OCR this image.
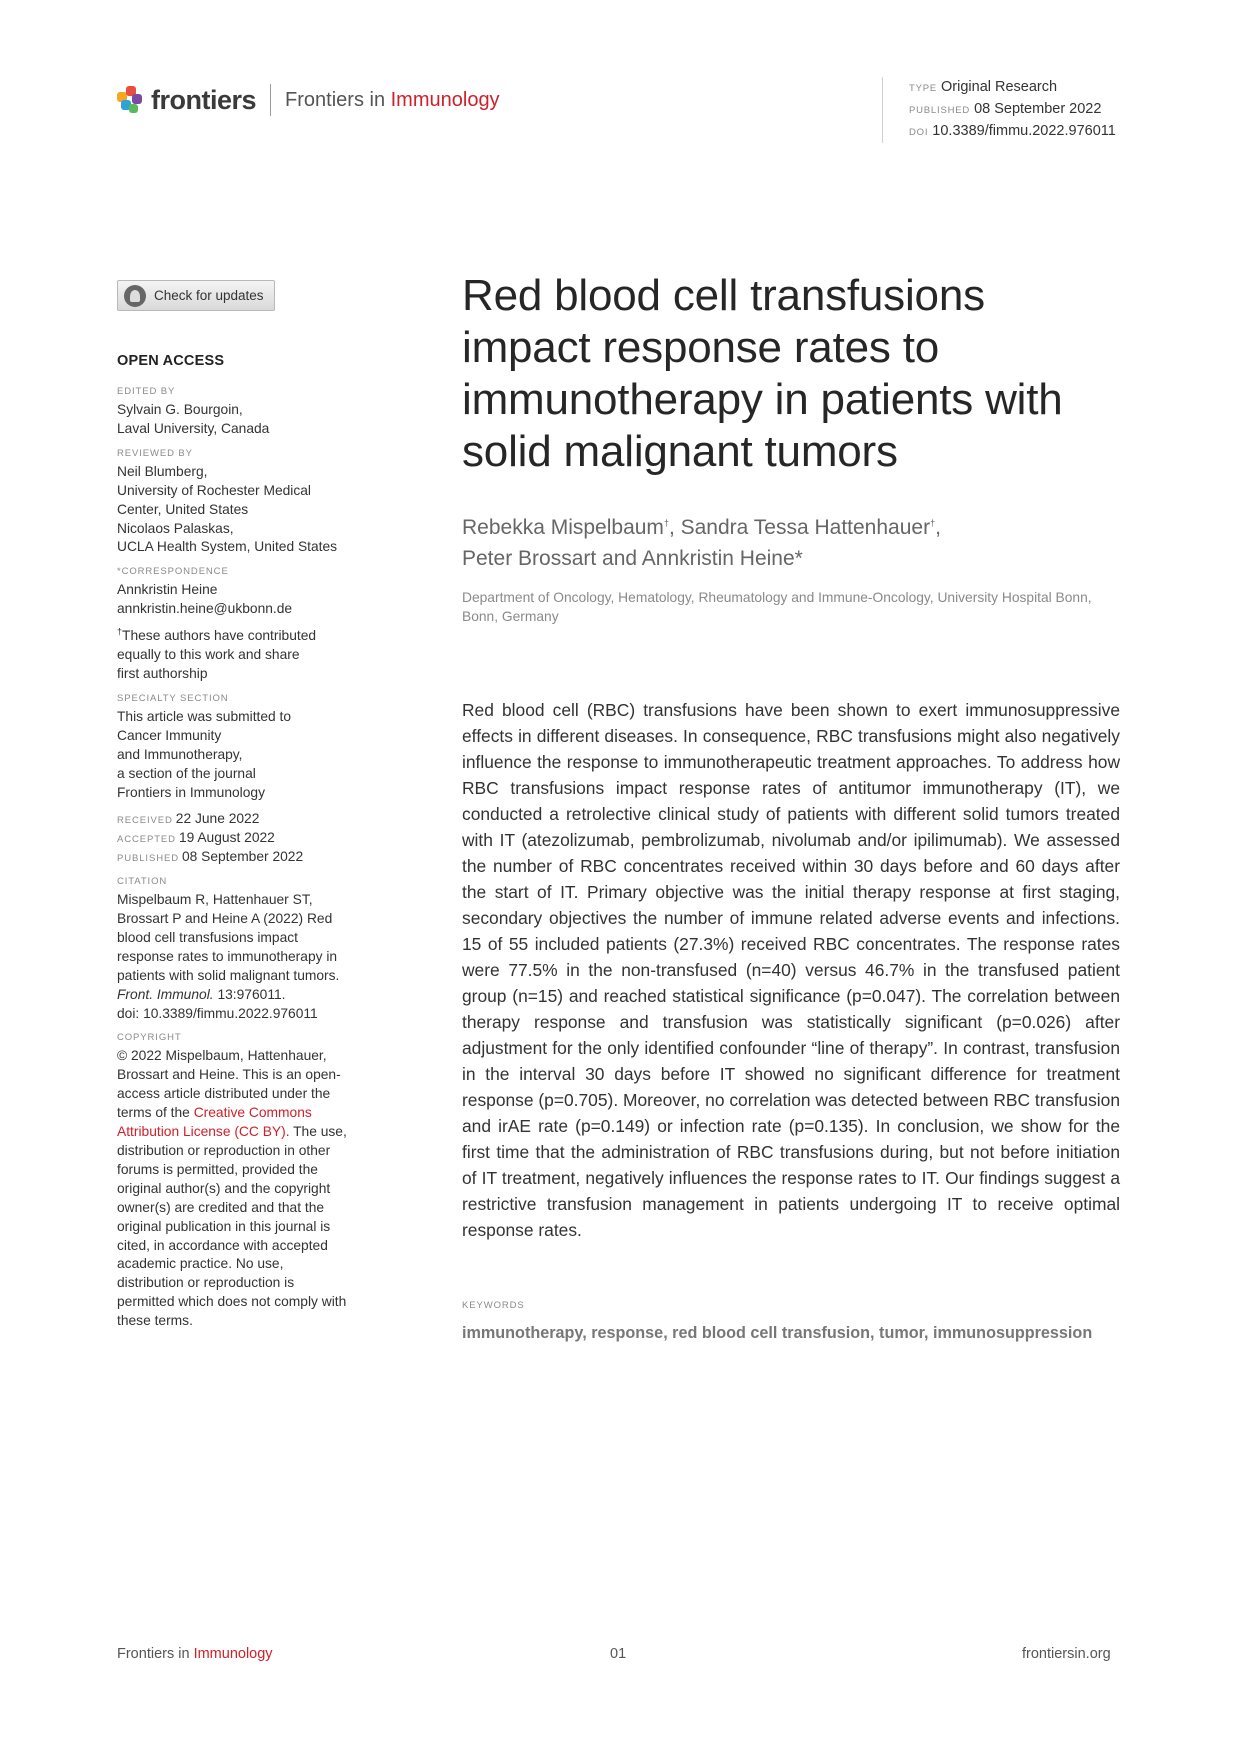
frontiers Frontiers in Immunology	TYPE Original Research
PUBLISHED 08 September 2022
DOI 10.3389/fimmu.2022.976011
Check for updates
OPEN ACCESS
EDITED BY
Sylvain G. Bourgoin,
Laval University, Canada
REVIEWED BY
Neil Blumberg,
University of Rochester Medical
Center, United States
Nicolaos Palaskas,
UCLA Health System, United States
*CORRESPONDENCE
Annkristin Heine
annkristin.heine@ukbonn.de
†These authors have contributed
equally to this work and share
first authorship
SPECIALTY SECTION
This article was submitted to
Cancer Immunity
and Immunotherapy,
a section of the journal
Frontiers in Immunology
RECEIVED 22 June 2022
ACCEPTED 19 August 2022
PUBLISHED 08 September 2022
CITATION
Mispelbaum R, Hattenhauer ST,
Brossart P and Heine A (2022) Red
blood cell transfusions impact
response rates to immunotherapy in
patients with solid malignant tumors.
Front. Immunol. 13:976011.
doi: 10.3389/fimmu.2022.976011
COPYRIGHT
© 2022 Mispelbaum, Hattenhauer,
Brossart and Heine. This is an open-
access article distributed under the
terms of the Creative Commons
Attribution License (CC BY). The use,
distribution or reproduction in other
forums is permitted, provided the
original author(s) and the copyright
owner(s) are credited and that the
original publication in this journal is
cited, in accordance with accepted
academic practice. No use,
distribution or reproduction is
permitted which does not comply with
these terms.
Red blood cell transfusions impact response rates to immunotherapy in patients with solid malignant tumors
Rebekka Mispelbaum†, Sandra Tessa Hattenhauer†,
Peter Brossart and Annkristin Heine*
Department of Oncology, Hematology, Rheumatology and Immune-Oncology, University Hospital Bonn, Bonn, Germany

Red blood cell (RBC) transfusions have been shown to exert immunosuppressive effects in different diseases. In consequence, RBC transfusions might also negatively influence the response to immunotherapeutic treatment approaches. To address how RBC transfusions impact response rates of antitumor immunotherapy (IT), we conducted a retrolective clinical study of patients with different solid tumors treated with IT (atezolizumab, pembrolizumab, nivolumab and/or ipilimumab). We assessed the number of RBC concentrates received within 30 days before and 60 days after the start of IT. Primary objective was the initial therapy response at first staging, secondary objectives the number of immune related adverse events and infections. 15 of 55 included patients (27.3%) received RBC concentrates. The response rates were 77.5% in the non-transfused (n=40) versus 46.7% in the transfused patient group (n=15) and reached statistical significance (p=0.047). The correlation between therapy response and transfusion was statistically significant (p=0.026) after adjustment for the only identified confounder “line of therapy”. In contrast, transfusion in the interval 30 days before IT showed no significant difference for treatment response (p=0.705). Moreover, no correlation was detected between RBC transfusion and irAE rate (p=0.149) or infection rate (p=0.135). In conclusion, we show for the first time that the administration of RBC transfusions during, but not before initiation of IT treatment, negatively influences the response rates to IT. Our findings suggest a restrictive transfusion management in patients undergoing IT to receive optimal response rates.

KEYWORDS
immunotherapy, response, red blood cell transfusion, tumor, immunosuppression
Frontiers in Immunology	01	frontiersin.org
